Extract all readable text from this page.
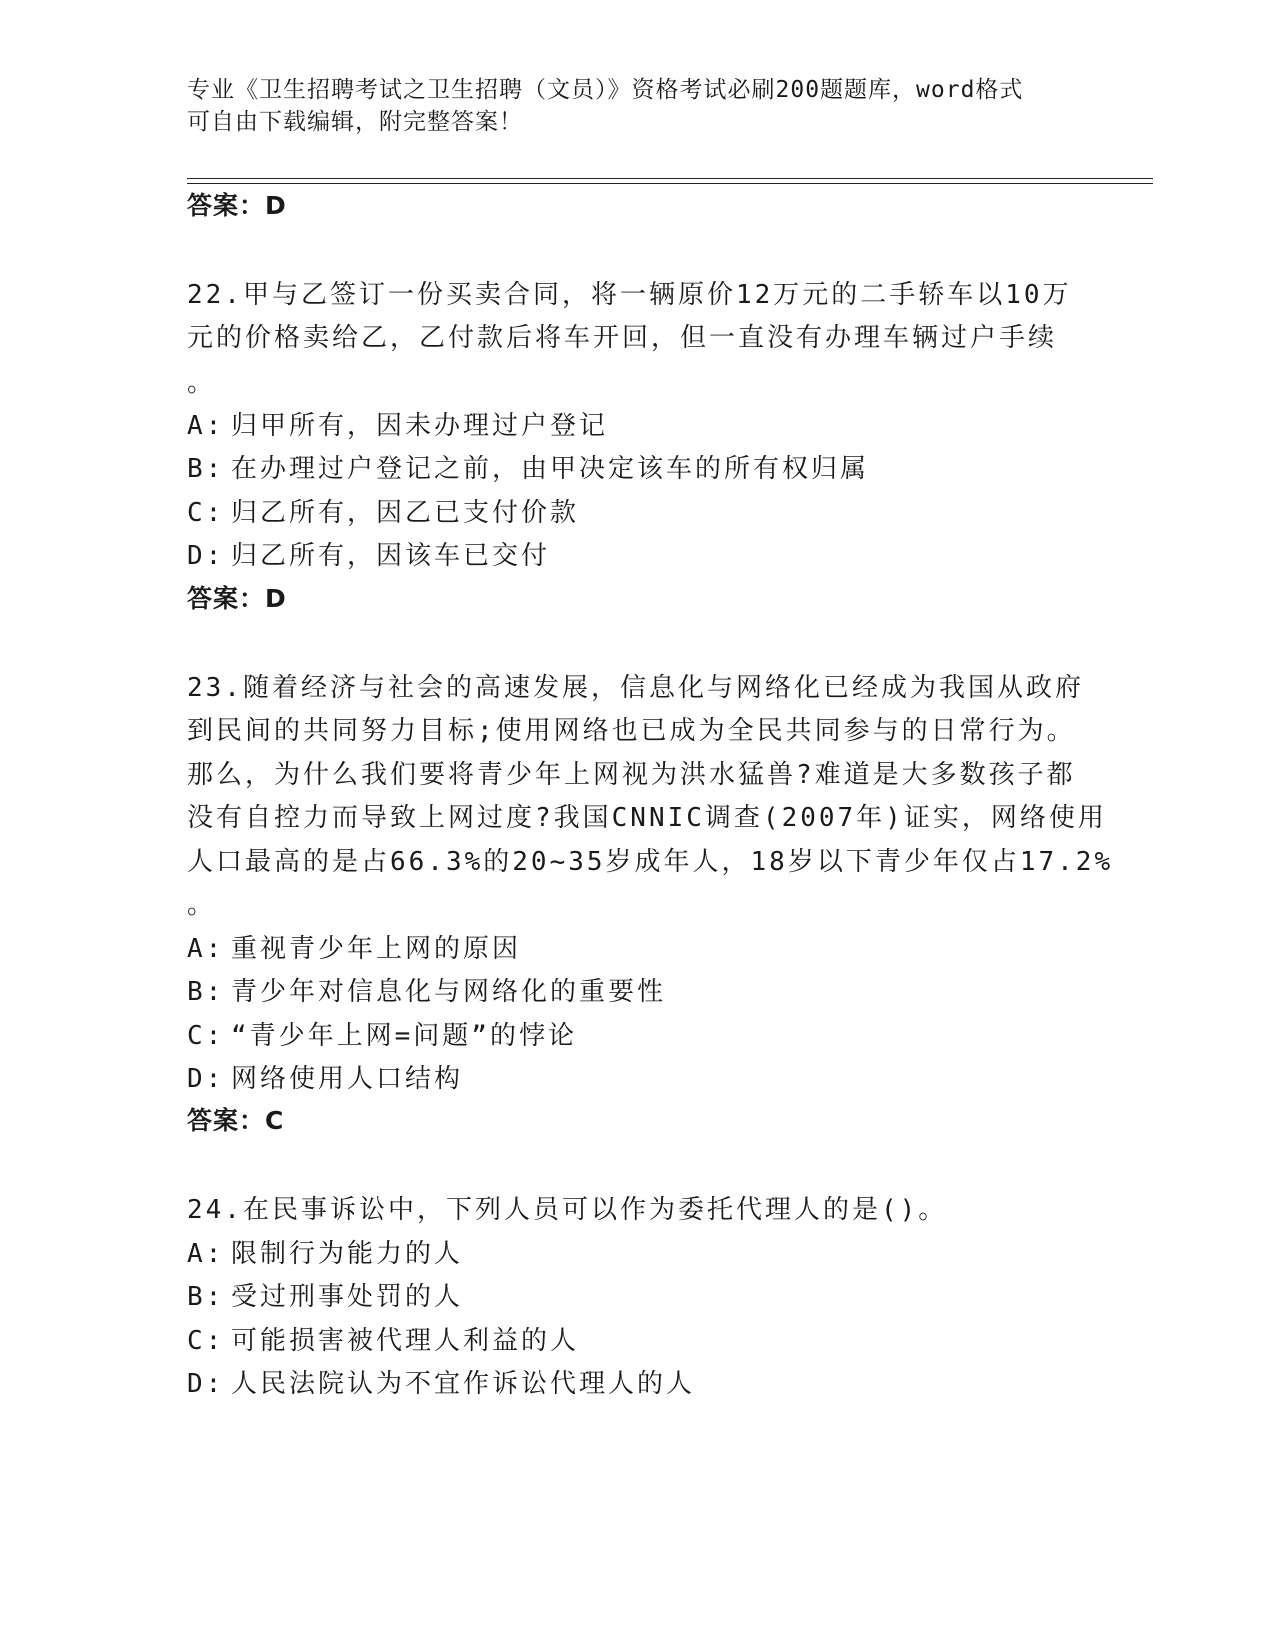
专业《卫生招聘考试之卫生招聘（文员）》资格考试必刷200题题库，word格式
可自由下载编辑，附完整答案！
答案：D
22.甲与乙签订一份买卖合同，将一辆原价12万元的二手轿车以10万
元的价格卖给乙，乙付款后将车开回，但一直没有办理车辆过户手续
。
A: 归甲所有，因未办理过户登记
B: 在办理过户登记之前，由甲决定该车的所有权归属
C: 归乙所有，因乙已支付价款
D: 归乙所有，因该车已交付
答案：D
23.随着经济与社会的高速发展，信息化与网络化已经成为我国从政府
到民间的共同努力目标;使用网络也已成为全民共同参与的日常行为。
那么，为什么我们要将青少年上网视为洪水猛兽?难道是大多数孩子都
没有自控力而导致上网过度?我国CNNIC调查(2007年)证实，网络使用
人口最高的是占66.3%的20~35岁成年人，18岁以下青少年仅占17.2%
。
A: 重视青少年上网的原因
B: 青少年对信息化与网络化的重要性
C: “青少年上网=问题”的悖论
D: 网络使用人口结构
答案：C
24.在民事诉讼中，下列人员可以作为委托代理人的是()。
A: 限制行为能力的人
B: 受过刑事处罚的人
C: 可能损害被代理人利益的人
D: 人民法院认为不宜作诉讼代理人的人
